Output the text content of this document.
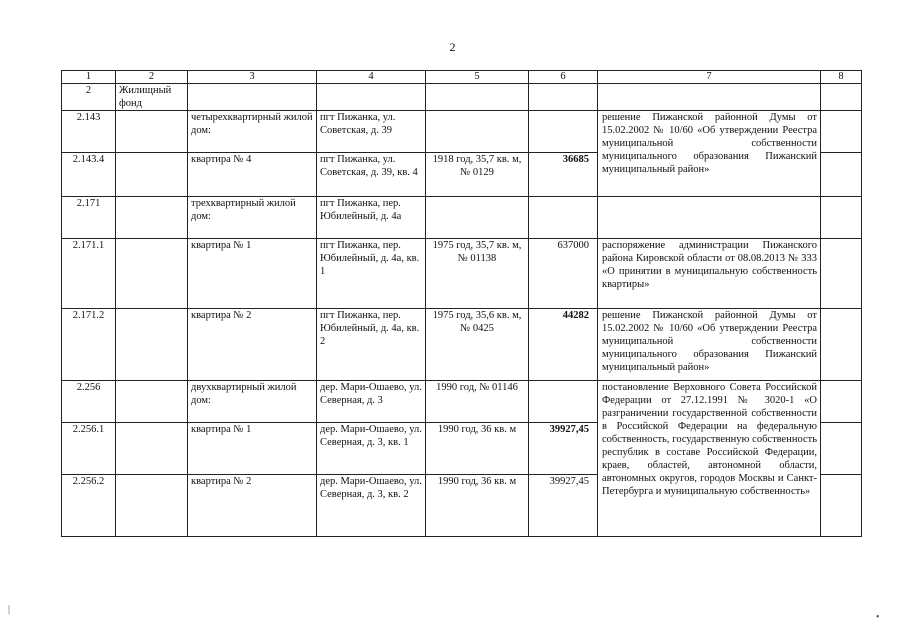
2
1	2	3	4	5	6	7	8
2	Жилищный фонд						
2.143		четырехквартирный жилой дом:	пгт Пижанка, ул. Советская, д. 39			решение Пижанской районной Думы от 15.02.2002 № 10/60 «Об утверждении Реестра муниципальной собственности муниципального образования Пижанский муниципальный район»	
2.143.4		квартира № 4	пгт Пижанка, ул. Советская, д. 39, кв. 4	1918 год, 35,7 кв. м, № 0129	36685		
2.171		трехквартирный жилой дом:	пгт Пижанка, пер. Юбилейный, д. 4а				
2.171.1		квартира № 1	пгт Пижанка, пер. Юбилейный, д. 4а, кв. 1	1975 год, 35,7 кв. м, № 01138	637000	распоряжение администрации Пижанского района Кировской области от 08.08.2013 № 333 «О принятии в муниципальную собственность квартиры»	
2.171.2		квартира № 2	пгт Пижанка, пер. Юбилейный, д. 4а, кв. 2	1975 год, 35,6 кв. м, № 0425	44282	решение Пижанской районной Думы от 15.02.2002 № 10/60 «Об утверждении Реестра муниципальной собственности муниципального образования Пижанский муниципальный район»	
2.256		двухквартирный жилой дом:	дер. Мари-Ошаево, ул. Северная, д. 3	1990 год, № 01146		постановление Верховного Совета Российской Федерации от 27.12.1991 № 3020-1 «О разграничении государственной собственности в Российской Федерации на федеральную собственность, государственную собственность республик в составе Российской Федерации, краев, областей, автономной области, автономных округов, городов Москвы и Санкт-Петербурга и муниципальную собственность»	
2.256.1		квартира № 1	дер. Мари-Ошаево, ул. Северная, д. 3, кв. 1	1990 год, 36 кв. м	39927,45		
2.256.2		квартира № 2	дер. Мари-Ошаево, ул. Северная, д. 3, кв. 2	1990 год, 36 кв. м	39927,45		
|
•
